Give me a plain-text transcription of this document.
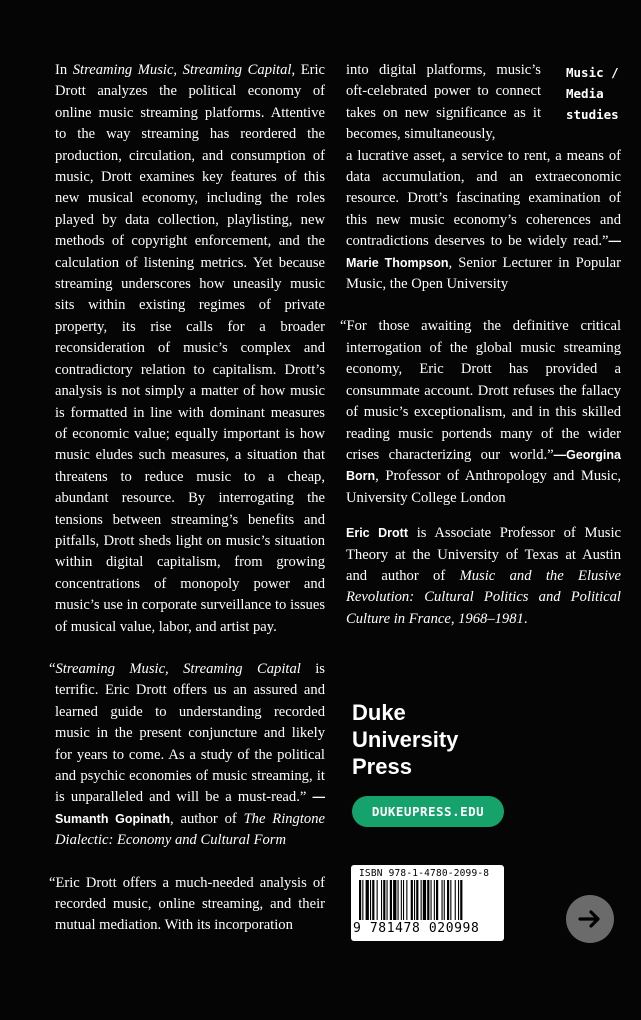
In Streaming Music, Streaming Capital, Eric Drott analyzes the political economy of online music streaming platforms. Attentive to the way streaming has reordered the production, circulation, and consumption of music, Drott examines key features of this new musical economy, including the roles played by data collection, playlisting, new methods of copyright enforcement, and the calculation of listening metrics. Yet because streaming underscores how uneasily music sits within existing regimes of private property, its rise calls for a broader reconsideration of music’s complex and contradictory relation to capitalism. Drott’s analysis is not simply a matter of how music is formatted in line with dominant measures of economic value; equally important is how music eludes such measures, a situation that threatens to reduce music to a cheap, abundant resource. By interrogating the tensions between streaming’s benefits and pitfalls, Drott sheds light on music’s situation within digital capitalism, from growing concentrations of monopoly power and music’s use in corporate surveillance to issues of musical value, labor, and artist pay.

“Streaming Music, Streaming Capital is terrific. Eric Drott offers us an assured and learned guide to understanding recorded music in the present conjuncture and likely for years to come. As a study of the political and psychic economies of music streaming, it is unparalleled and will be a must-read.” —Sumanth Gopinath, author of The Ringtone Dialectic: Economy and Cultural Form

“Eric Drott offers a much-needed analysis of recorded music, online streaming, and their mutual mediation. With its incorporation

Music /
Media
studies

into digital platforms, music’s oft-celebrated power to connect takes on new significance as it becomes, simultaneously,

a lucrative asset, a service to rent, a means of data accumulation, and an extraeconomic resource. Drott’s fascinating examination of this new music economy’s coherences and contradictions deserves to be widely read.”—Marie Thompson, Senior Lecturer in Popular Music, the Open University

“For those awaiting the definitive critical interrogation of the global music streaming economy, Eric Drott has provided a consummate account. Drott refuses the fallacy of music’s exceptionalism, and in this skilled reading music portends many of the wider crises characterizing our world.”—Georgina Born, Professor of Anthropology and Music, University College London

Eric Drott is Associate Professor of Music Theory at the University of Texas at Austin and author of Music and the Elusive Revolution: Cultural Politics and Political Culture in France, 1968–1981.

Duke
University
Press
DUKEUPRESS.EDU
ISBN 978-1-4780-2099-8
9 781478 020998
